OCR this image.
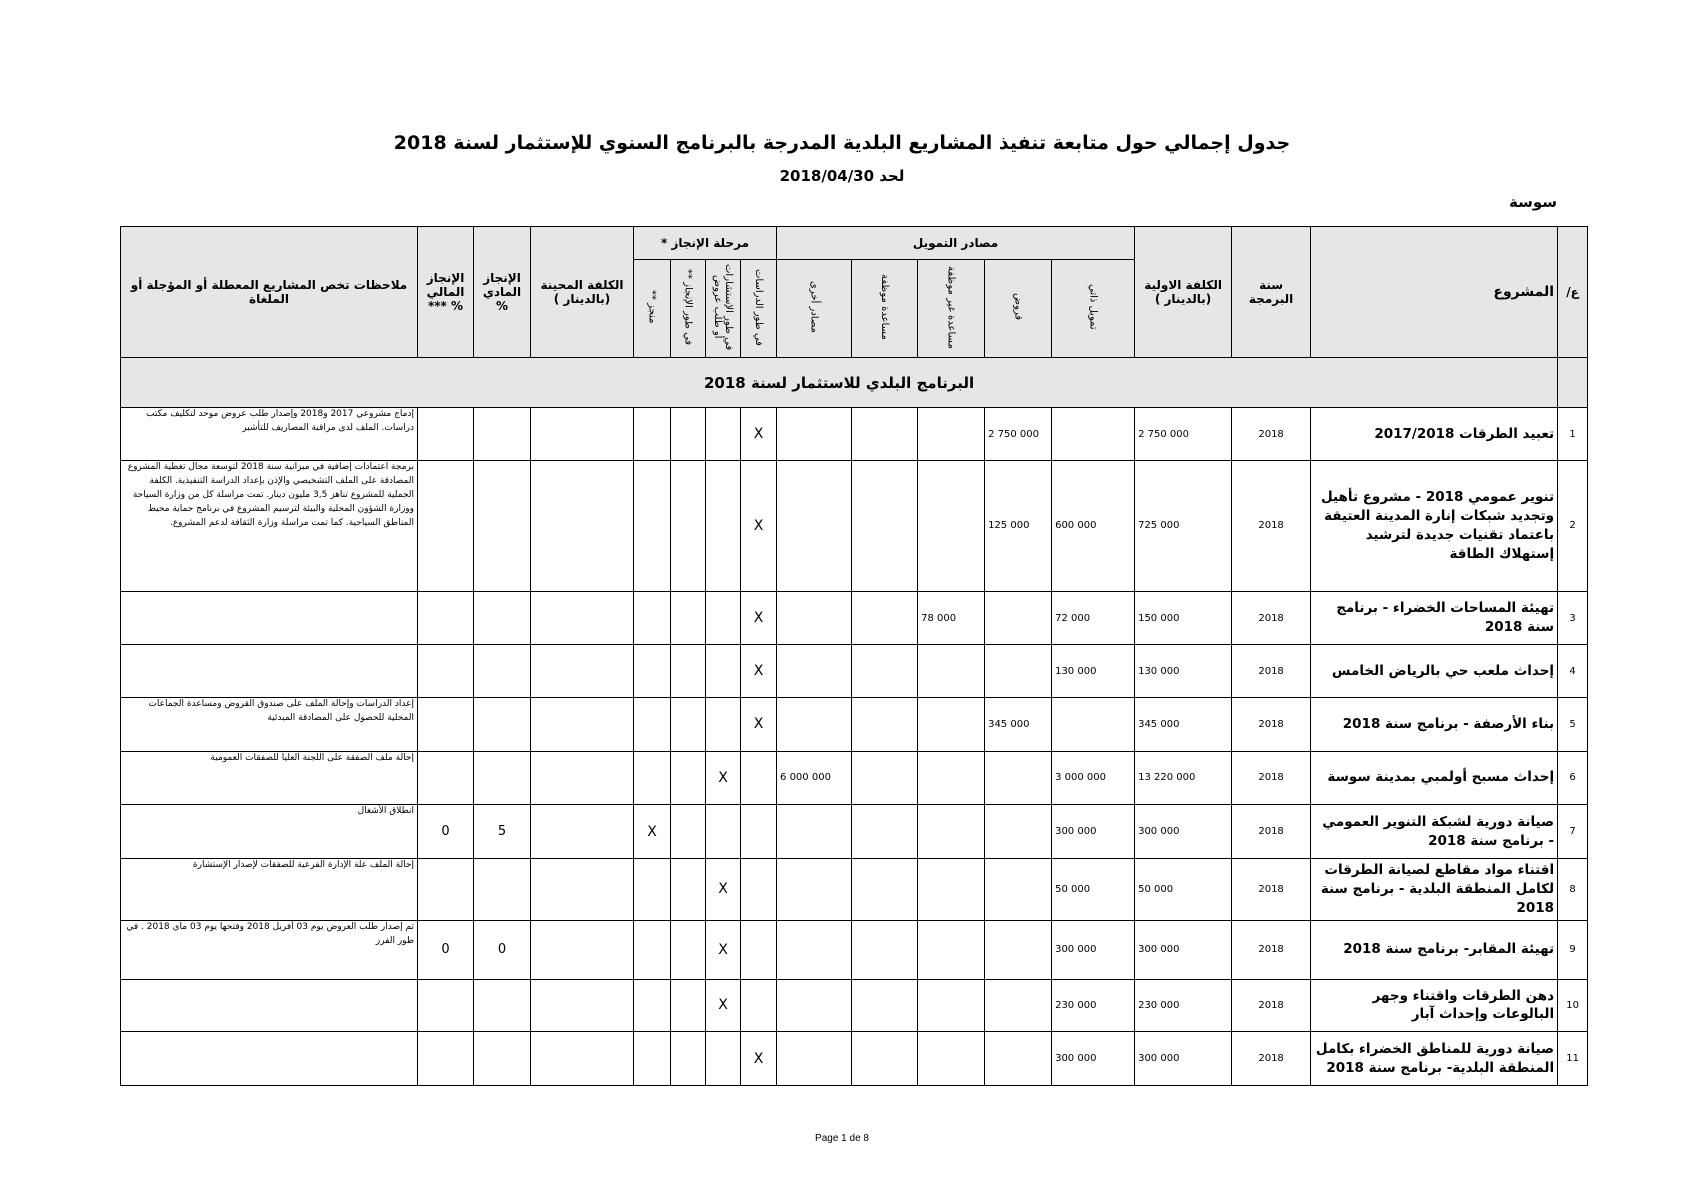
جدول إجمالي حول متابعة تنفيذ المشاريع البلدية المدرجة بالبرنامج السنوي للإستثمار لسنة 2018
لحد 2018/04/30
سوسة
ع/	المشروع	سنة البرمجة	الكلفة الاولية (بالدينار )	مصادر التمويل					مرحلة الإنجاز *				الكلفة المحينة (بالدينار )	الإنجاز المادي %	الإنجاز المالي % ***	ملاحظات تخص المشاريع المعطلة أو المؤجلة أو الملغاة
				تمويل ذاتي	قروض	مساعدة غير موظفة	مساعدة موظفة	مصادر أخرى	في طور الدراسات	في طور الإستشارات أو طلب عروض	في طور الإنجاز **	منجز **				
	البرنامج البلدي للاستثمار لسنة 2018															
1	تعبيد الطرقات 2017/2018	2018	2 750 000		2 750 000				X							إدماج مشروعي 2017 و2018 وإصدار طلب عروض موحد لتكليف مكتب دراسات. الملف لدى مراقبة المصاريف للتأشير
2	تنوير عمومي 2018 - مشروع تأهيل وتجديد شبكات إنارة المدينة العتيقة باعتماد تقنيات جديدة لترشيد إستهلاك الطاقة	2018	725 000	600 000	125 000				X							برمجة اعتمادات إضافية في ميزانية سنة 2018 لتوسعة مجال تغطية المشروع المصادقة على الملف التشخيصي والإذن بإعداد الدراسة التنفيذية. الكلفة الجملية للمشروع تناهز 3,5 مليون دينار. تمت مراسلة كل من وزارة السياحة ووزارة الشؤون المحلية والبيئة لترسيم المشروع في برنامج حماية محيط المناطق السياحية. كما تمت مراسلة وزارة الثقافة لدعم المشروع.
3	تهيئة المساحات الخضراء - برنامج سنة 2018	2018	150 000	72 000		78 000			X							
4	إحداث ملعب حي بالرياض الخامس	2018	130 000	130 000					X							
5	بناء الأرصفة - برنامج سنة 2018	2018	345 000		345 000				X							إعداد الدراسات وإحالة الملف على صندوق القروض ومساعدة الجماعات المحلية للحصول على المصادقة المبدئية
6	إحداث مسبح أولمبي بمدينة سوسة	2018	13 220 000	3 000 000				6 000 000		X						إحالة ملف الصفقة على اللجنة العليا للصفقات العمومية
7	صيانة دورية لشبكة التنوير العمومي - برنامج سنة 2018	2018	300 000	300 000								X		5	0	انطلاق الأشغال
8	اقتناء مواد مقاطع لصيانة الطرقات لكامل المنطقة البلدية - برنامج سنة 2018	2018	50 000	50 000						X						إحالة الملف علة الإدارة الفرعية للصفقات لإصدار الإستشارة
9	تهيئة المقابر- برنامج سنة 2018	2018	300 000	300 000						X				0	0	تم إصدار طلب العروض يوم 03 أفريل 2018 وفتحها يوم 03 ماي 2018 . في طور الفرز
10	دهن الطرقات واقتناء وجهر البالوعات وإحداث آبار	2018	230 000	230 000						X						
11	صيانة دورية للمناطق الخضراء بكامل المنطقة البلدية- برنامج سنة 2018	2018	300 000	300 000					X							
Page 1 de 8
